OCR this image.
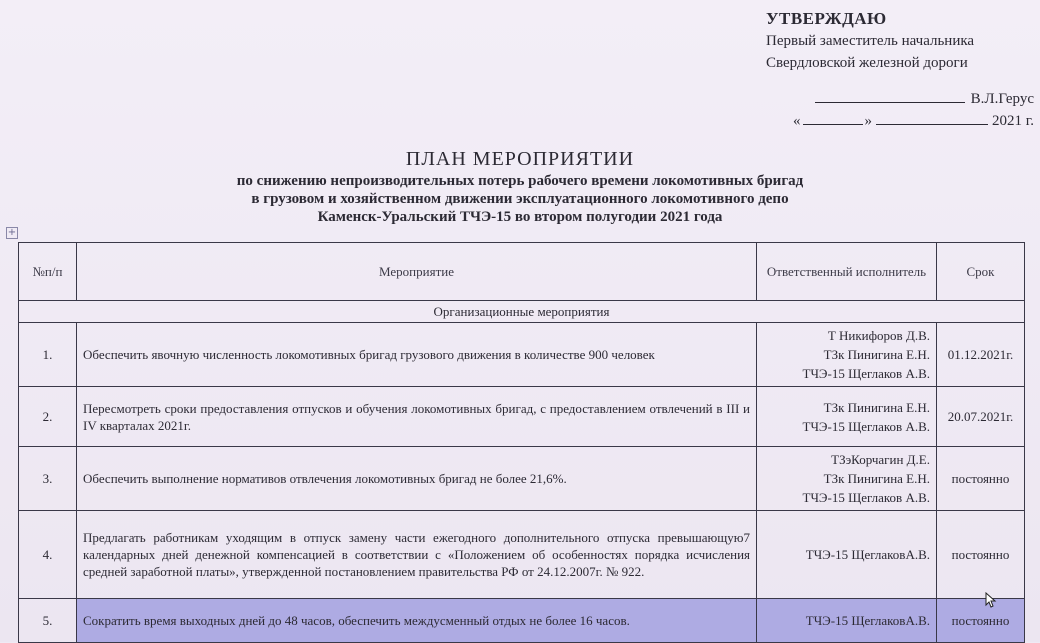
УТВЕРЖДАЮ
Первый заместитель начальника
Свердловской железной дороги
В.Л.Герус
«	»	2021 г.
ПЛАН МЕРОПРИЯТИИ
по снижению непроизводительных потерь рабочего времени локомотивных бригад
в грузовом и хозяйственном движении эксплуатационного локомотивного депо
Каменск-Уральский ТЧЭ-15 во втором полугодии 2021 года
+
№п/п	Мероприятие	Ответственный исполнитель	Срок
Организационные мероприятия			
1.	Обеспечить явочную численность локомотивных бригад грузового движения в количестве 900 человек	Т Никифоров Д.В.
ТЗк Пинигина Е.Н.
ТЧЭ-15 Щеглаков А.В.	01.12.2021г.
2.	Пересмотреть сроки предоставления отпусков и обучения локомотивных бригад, с предоставлением отвлечений в III и IV кварталах 2021г.	ТЗк Пинигина Е.Н.
ТЧЭ-15 Щеглаков А.В.	20.07.2021г.
3.	Обеспечить выполнение нормативов отвлечения локомотивных бригад не более 21,6%.	ТЗэКорчагин Д.Е.
ТЗк Пинигина Е.Н.
ТЧЭ-15 Щеглаков А.В.	постоянно
4.	Предлагать работникам уходящим в отпуск замену части ежегодного дополнительного отпуска превышающую7 календарных дней денежной компенсацией в соответствии с «Положением об особенностях порядка исчисления средней заработной платы», утвержденной постановлением правительства РФ от 24.12.2007г. № 922.	ТЧЭ-15 ЩеглаковА.В.	постоянно
5.	Сократить время выходных дней до 48 часов, обеспечить междусменный отдых не более 16 часов.	ТЧЭ-15 ЩеглаковА.В.	постоянно
